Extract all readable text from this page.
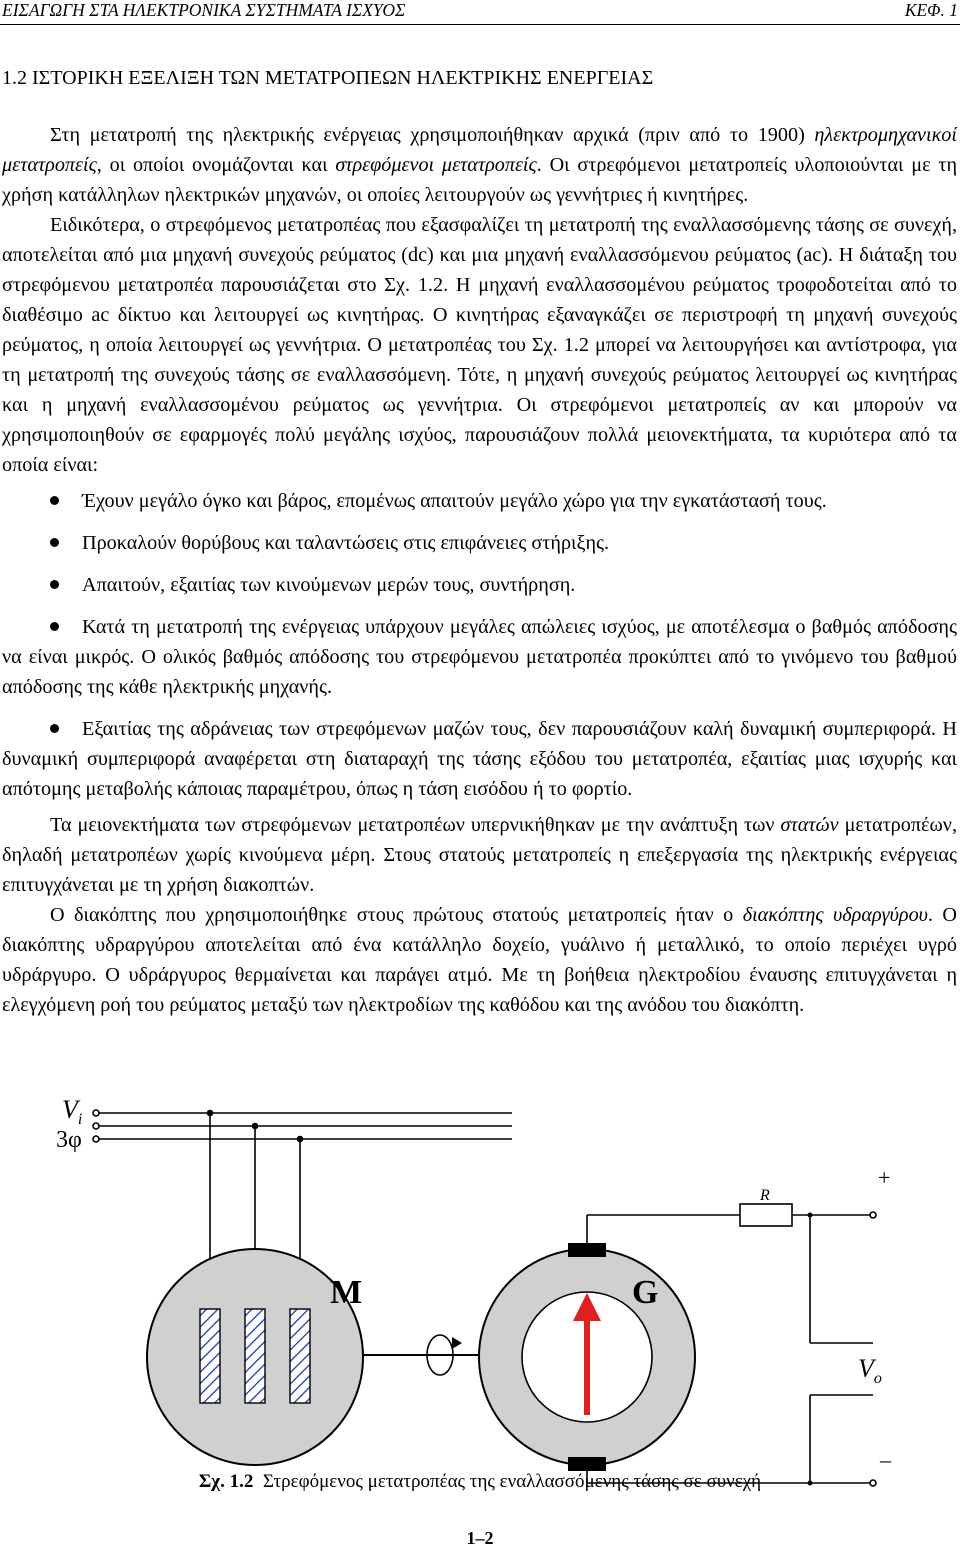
ΕΙΣΑΓΩΓΗ ΣΤΑ ΗΛΕΚΤΡΟΝΙΚΑ ΣΥΣΤΗΜΑΤΑ ΙΣΧΥΟΣ	ΚΕΦ. 1
1.2 ΙΣΤΟΡΙΚΗ ΕΞΕΛΙΞΗ ΤΩΝ ΜΕΤΑΤΡΟΠΕΩΝ ΗΛΕΚΤΡΙΚΗΣ ΕΝΕΡΓΕΙΑΣ

Στη μετατροπή της ηλεκτρικής ενέργειας χρησιμοποιήθηκαν αρχικά (πριν από το 1900) ηλεκτρομηχανικοί μετατροπείς, οι οποίοι ονομάζονται και στρεφόμενοι μετατροπείς. Οι στρεφόμενοι μετατροπείς υλοποιούνται με τη χρήση κατάλληλων ηλεκτρικών μηχανών, οι οποίες λειτουργούν ως γεννήτριες ή κινητήρες.

Ειδικότερα, ο στρεφόμενος μετατροπέας που εξασφαλίζει τη μετατροπή της εναλλασσόμενης τάσης σε συνεχή, αποτελείται από μια μηχανή συνεχούς ρεύματος (dc) και μια μηχανή εναλλασσόμενου ρεύματος (ac). Η διάταξη του στρεφόμενου μετατροπέα παρουσιάζεται στο Σχ. 1.2. Η μηχανή εναλλασσομένου ρεύματος τροφοδοτείται από το διαθέσιμο ac δίκτυο και λειτουργεί ως κινητήρας. Ο κινητήρας εξαναγκάζει σε περιστροφή τη μηχανή συνεχούς ρεύματος, η οποία λειτουργεί ως γεννήτρια. Ο μετατροπέας του Σχ. 1.2 μπορεί να λειτουργήσει και αντίστροφα, για τη μετατροπή της συνεχούς τάσης σε εναλλασσόμενη. Τότε, η μηχανή συνεχούς ρεύματος λειτουργεί ως κινητήρας και η μηχανή εναλλασσομένου ρεύματος ως γεννήτρια. Οι στρεφόμενοι μετατροπείς αν και μπορούν να χρησιμοποιηθούν σε εφαρμογές πολύ μεγάλης ισχύος, παρουσιάζουν πολλά μειονεκτήματα, τα κυριότερα από τα οποία είναι:

Έχουν μεγάλο όγκο και βάρος, επομένως απαιτούν μεγάλο χώρο για την εγκατάστασή τους.
Προκαλούν θορύβους και ταλαντώσεις στις επιφάνειες στήριξης.
Απαιτούν, εξαιτίας των κινούμενων μερών τους, συντήρηση.
Κατά τη μετατροπή της ενέργειας υπάρχουν μεγάλες απώλειες ισχύος, με αποτέλεσμα ο βαθμός απόδοσης να είναι μικρός. Ο ολικός βαθμός απόδοσης του στρεφόμενου μετατροπέα προκύπτει από το γινόμενο του βαθμού απόδοσης της κάθε ηλεκτρικής μηχανής.
Εξαιτίας της αδράνειας των στρεφόμενων μαζών τους, δεν παρουσιάζουν καλή δυναμική συμπεριφορά. Η δυναμική συμπεριφορά αναφέρεται στη διαταραχή της τάσης εξόδου του μετατροπέα, εξαιτίας μιας ισχυρής και απότομης μεταβολής κάποιας παραμέτρου, όπως η τάση εισόδου ή το φορτίο.

Τα μειονεκτήματα των στρεφόμενων μετατροπέων υπερνικήθηκαν με την ανάπτυξη των στατών μετατροπέων, δηλαδή μετατροπέων χωρίς κινούμενα μέρη. Στους στατούς μετατροπείς η επεξεργασία της ηλεκτρικής ενέργειας επιτυγχάνεται με τη χρήση διακοπτών.

Ο διακόπτης που χρησιμοποιήθηκε στους πρώτους στατούς μετατροπείς ήταν ο διακόπτης υδραργύρου. Ο διακόπτης υδραργύρου αποτελείται από ένα κατάλληλο δοχείο, γυάλινο ή μεταλλικό, το οποίο περιέχει υγρό υδράργυρο. Ο υδράργυρος θερμαίνεται και παράγει ατμό. Με τη βοήθεια ηλεκτροδίου έναυσης επιτυγχάνεται η ελεγχόμενη ροή του ρεύματος μεταξύ των ηλεκτροδίων της καθόδου και της ανόδου του διακόπτη.

$V_i$
3φ
M	G
R
$V_o$
+
–
Σχ. 1.2 Στρεφόμενος μετατροπέας της εναλλασσόμενης τάσης σε συνεχή
1–2
